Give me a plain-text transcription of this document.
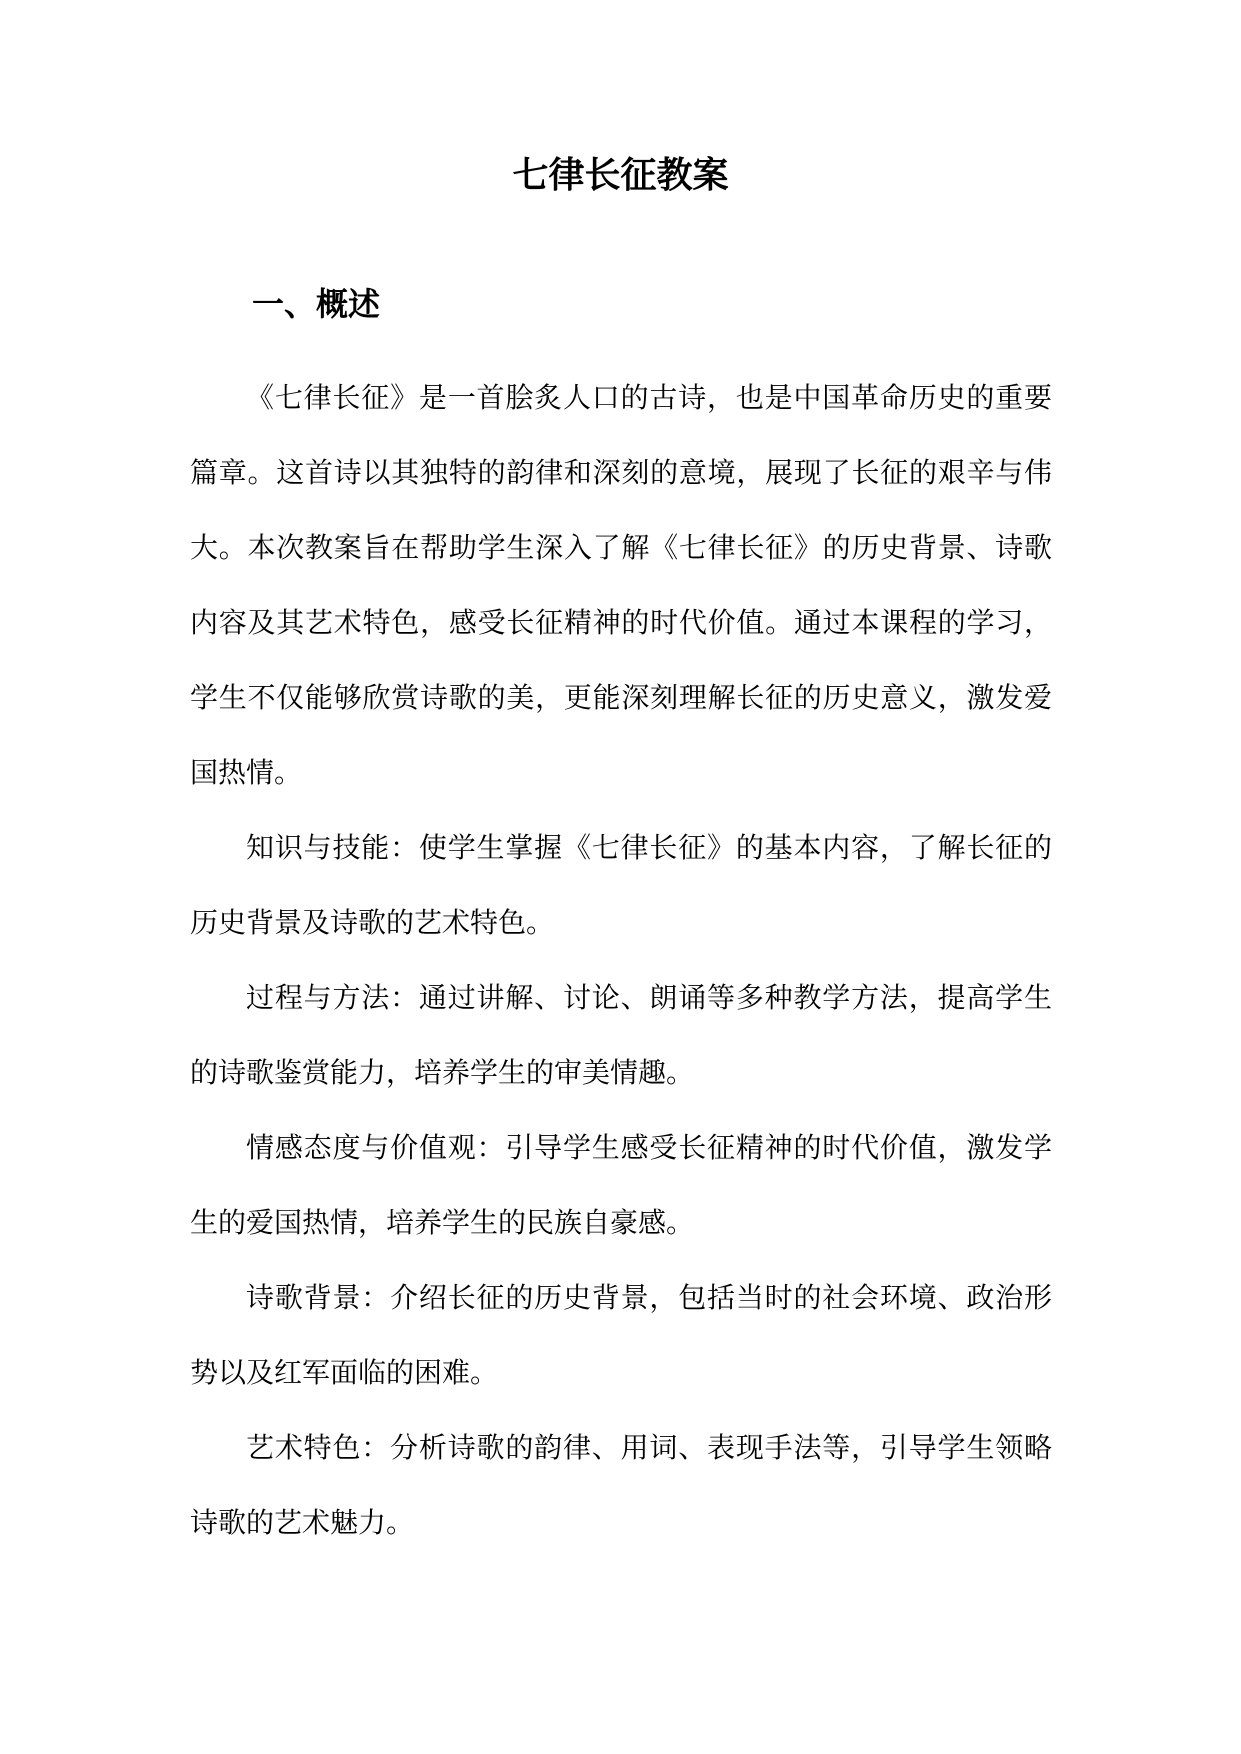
七律长征教案
一、概述

《七律长征》是一首脍炙人口的古诗，也是中国革命历史的重要篇章。这首诗以其独特的韵律和深刻的意境，展现了长征的艰辛与伟大。本次教案旨在帮助学生深入了解《七律长征》的历史背景、诗歌内容及其艺术特色，感受长征精神的时代价值。通过本课程的学习，学生不仅能够欣赏诗歌的美，更能深刻理解长征的历史意义，激发爱国热情。

知识与技能：使学生掌握《七律长征》的基本内容，了解长征的历史背景及诗歌的艺术特色。

过程与方法：通过讲解、讨论、朗诵等多种教学方法，提高学生的诗歌鉴赏能力，培养学生的审美情趣。

情感态度与价值观：引导学生感受长征精神的时代价值，激发学生的爱国热情，培养学生的民族自豪感。

诗歌背景：介绍长征的历史背景，包括当时的社会环境、政治形势以及红军面临的困难。

艺术特色：分析诗歌的韵律、用词、表现手法等，引导学生领略诗歌的艺术魅力。
